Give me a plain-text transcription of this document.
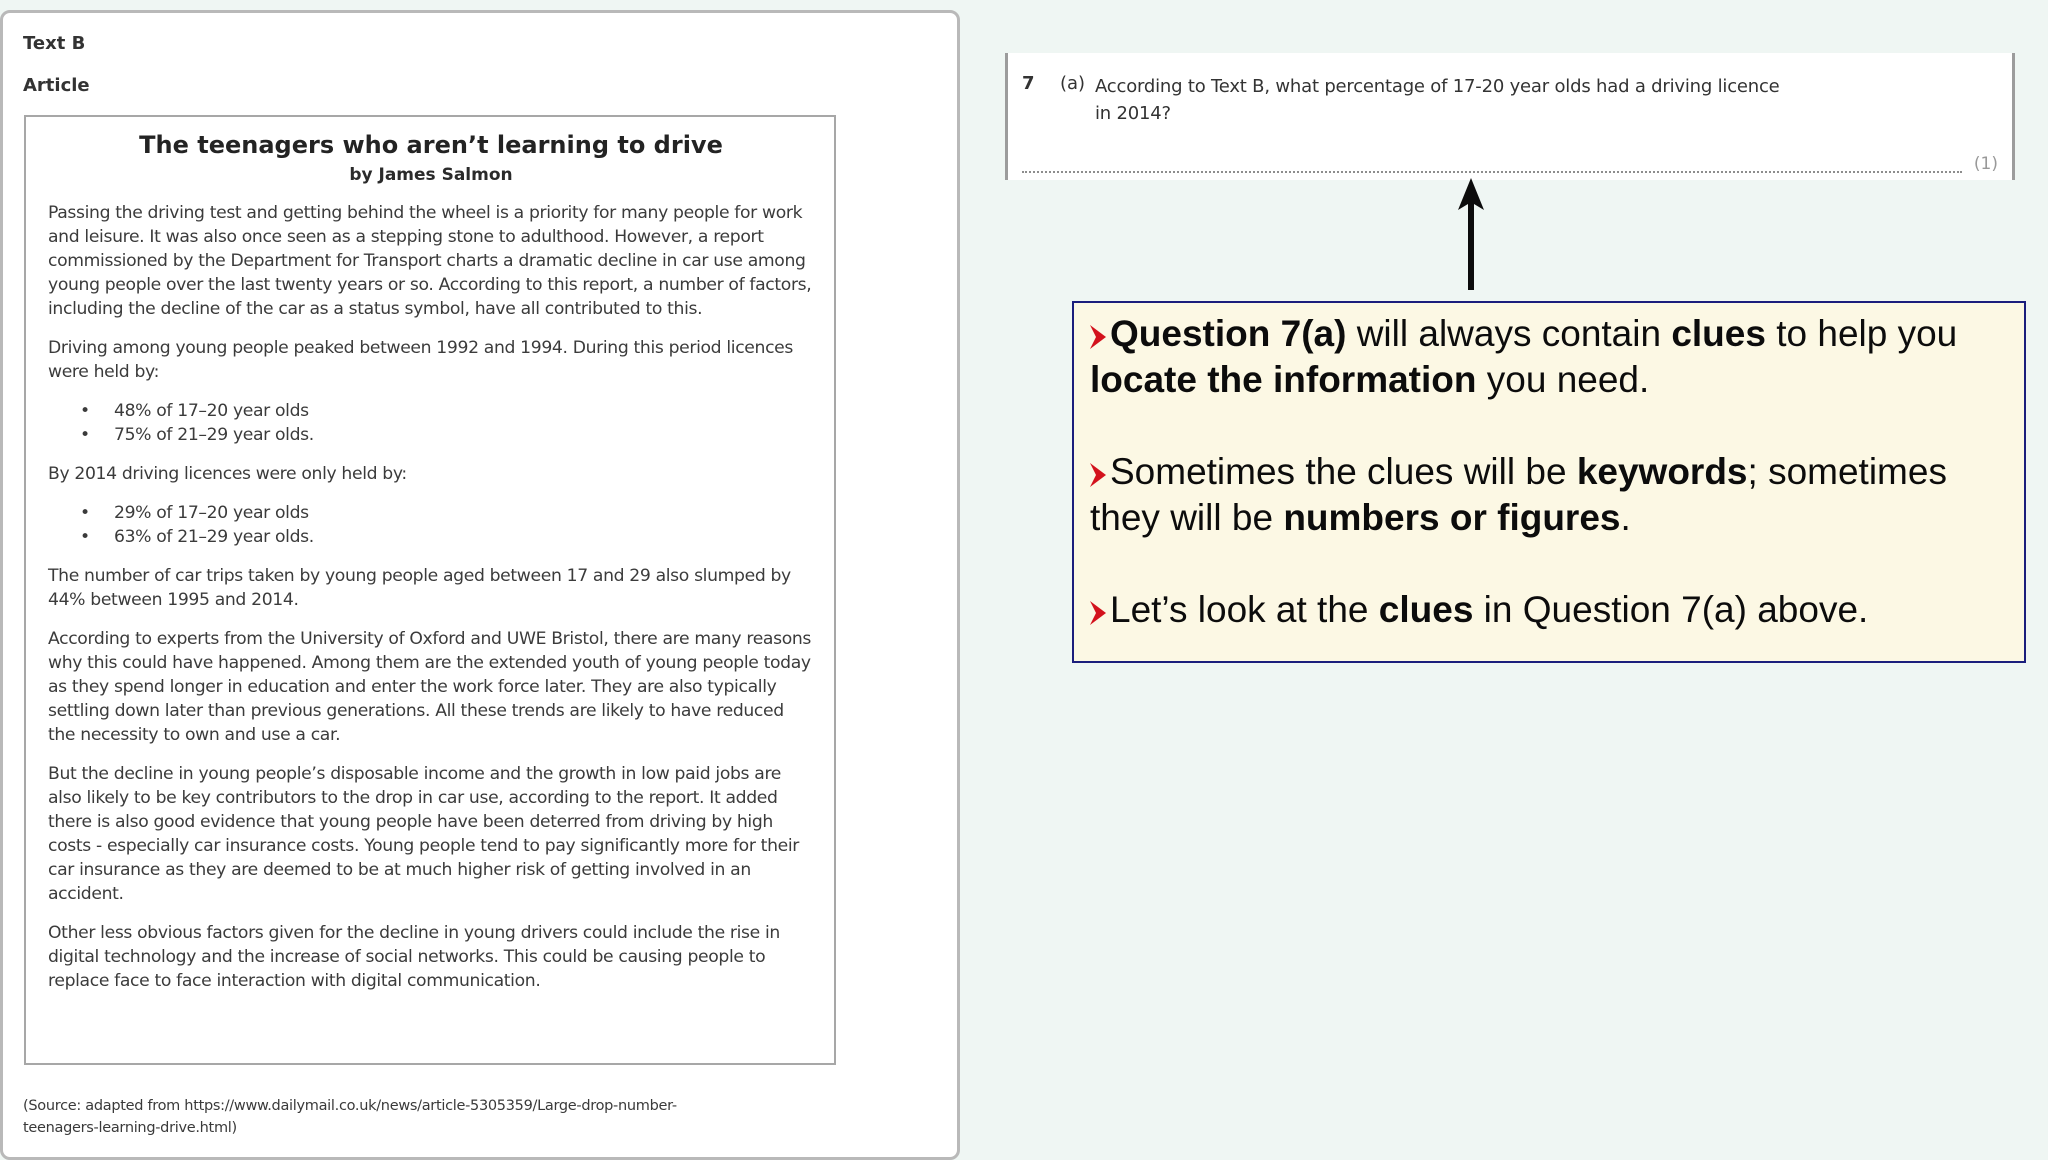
Text B
Article
The teenagers who aren’t learning to drive
by James Salmon

Passing the driving test and getting behind the wheel is a priority for many people for work and leisure. It was also once seen as a stepping stone to adulthood. However, a report commissioned by the Department for Transport charts a dramatic decline in car use among young people over the last twenty years or so. According to this report, a number of factors, including the decline of the car as a status symbol, have all contributed to this.

Driving among young people peaked between 1992 and 1994. During this period licences were held by:

• 48% of 17–20 year olds
• 75% of 21–29 year olds.

By 2014 driving licences were only held by:

• 29% of 17–20 year olds
• 63% of 21–29 year olds.

The number of car trips taken by young people aged between 17 and 29 also slumped by 44% between 1995 and 2014.

According to experts from the University of Oxford and UWE Bristol, there are many reasons why this could have happened. Among them are the extended youth of young people today as they spend longer in education and enter the work force later. They are also typically settling down later than previous generations. All these trends are likely to have reduced the necessity to own and use a car.

But the decline in young people’s disposable income and the growth in low paid jobs are also likely to be key contributors to the drop in car use, according to the report. It added there is also good evidence that young people have been deterred from driving by high costs - especially car insurance costs. Young people tend to pay significantly more for their car insurance as they are deemed to be at much higher risk of getting involved in an accident.

Other less obvious factors given for the decline in young drivers could include the rise in digital technology and the increase of social networks. This could be causing people to replace face to face interaction with digital communication.

(Source: adapted from https://www.dailymail.co.uk/news/article-5305359/Large-drop-number-
teenagers-learning-drive.html)
7 (a) According to Text B, what percentage of 17-20 year olds had a driving licence
in 2014?
(1)

Question 7(a) will always contain clues to help you locate the information you need.

Sometimes the clues will be keywords; sometimes they will be numbers or figures.

Let’s look at the clues in Question 7(a) above.
